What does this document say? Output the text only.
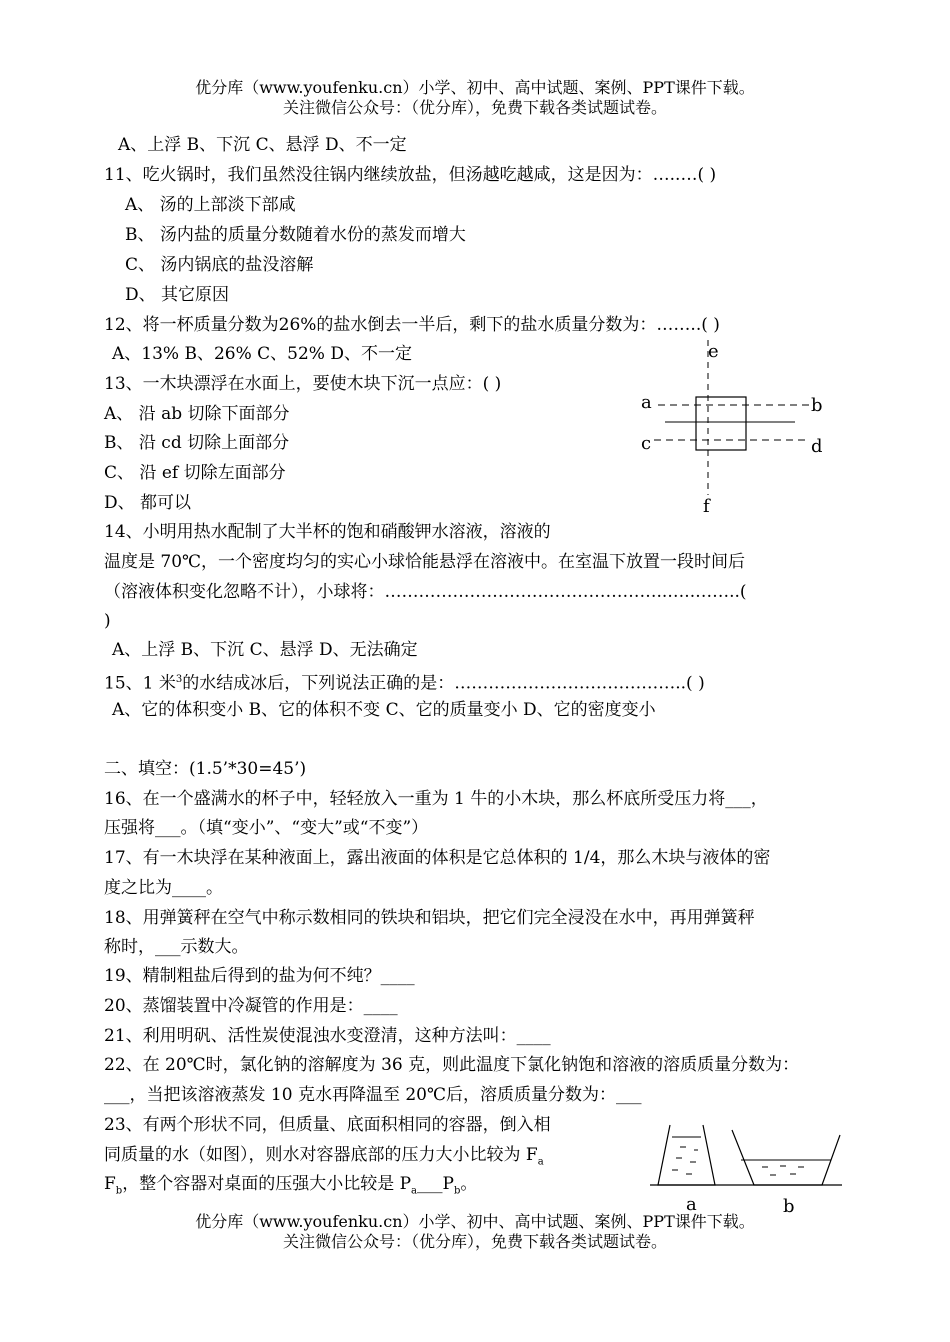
优分库（www.youfenku.cn）小学、初中、高中试题、案例、PPT课件下载。
关注微信公众号：（优分库），免费下载各类试题试卷。
A、上浮 B、下沉 C、悬浮 D、不一定
11、吃火锅时，我们虽然没往锅内继续放盐，但汤越吃越咸，这是因为：…..…( )
A、 汤的上部淡下部咸
B、 汤内盐的质量分数随着水份的蒸发而增大
C、 汤内锅底的盐没溶解
D、 其它原因
12、将一杯质量分数为26%的盐水倒去一半后，剩下的盐水质量分数为：……..( )
A、13% B、26% C、52% D、不一定
13、一木块漂浮在水面上，要使木块下沉一点应：( )
A、 沿 ab 切除下面部分
B、 沿 cd 切除上面部分
C、 沿 ef 切除左面部分
D、 都可以
14、小明用热水配制了大半杯的饱和硝酸钾水溶液，溶液的
温度是 70℃，一个密度均匀的实心小球恰能悬浮在溶液中。在室温下放置一段时间后
（溶液体积变化忽略不计），小球将：…………………………………………..…..……..(
)
A、上浮 B、下沉 C、悬浮 D、无法确定
15、1 米$^3$的水结成冰后，下列说法正确的是：…………………………………..( )
A、它的体积变小 B、它的体积不变 C、它的质量变小 D、它的密度变小
二、填空：(1.5’*30=45’)
16、在一个盛满水的杯子中，轻轻放入一重为 1 牛的小木块，那么杯底所受压力将___，
压强将___。（填“变小”、“变大”或“不变”）
17、有一木块浮在某种液面上，露出液面的体积是它总体积的 1/4，那么木块与液体的密
度之比为____。
18、用弹簧秤在空气中称示数相同的铁块和铝块，把它们完全浸没在水中，再用弹簧秤
称时，___示数大。
19、精制粗盐后得到的盐为何不纯？____
20、蒸馏装置中冷凝管的作用是：____
21、利用明矾、活性炭使混浊水变澄清，这种方法叫：____
22、在 20℃时，氯化钠的溶解度为 36 克，则此温度下氯化钠饱和溶液的溶质质量分数为：
___，当把该溶液蒸发 10 克水再降温至 20℃后，溶质质量分数为：___
23、有两个形状不同，但质量、底面积相同的容器，倒入相
同质量的水（如图），则水对容器底部的压力大小比较为 $F_a$
$F_b$，整个容器对桌面的压强大小比较是 $P_a\_\_\_P_b$。
e
a	b
c	d
f
a	b
优分库（www.youfenku.cn）小学、初中、高中试题、案例、PPT课件下载。
关注微信公众号：（优分库），免费下载各类试题试卷。
